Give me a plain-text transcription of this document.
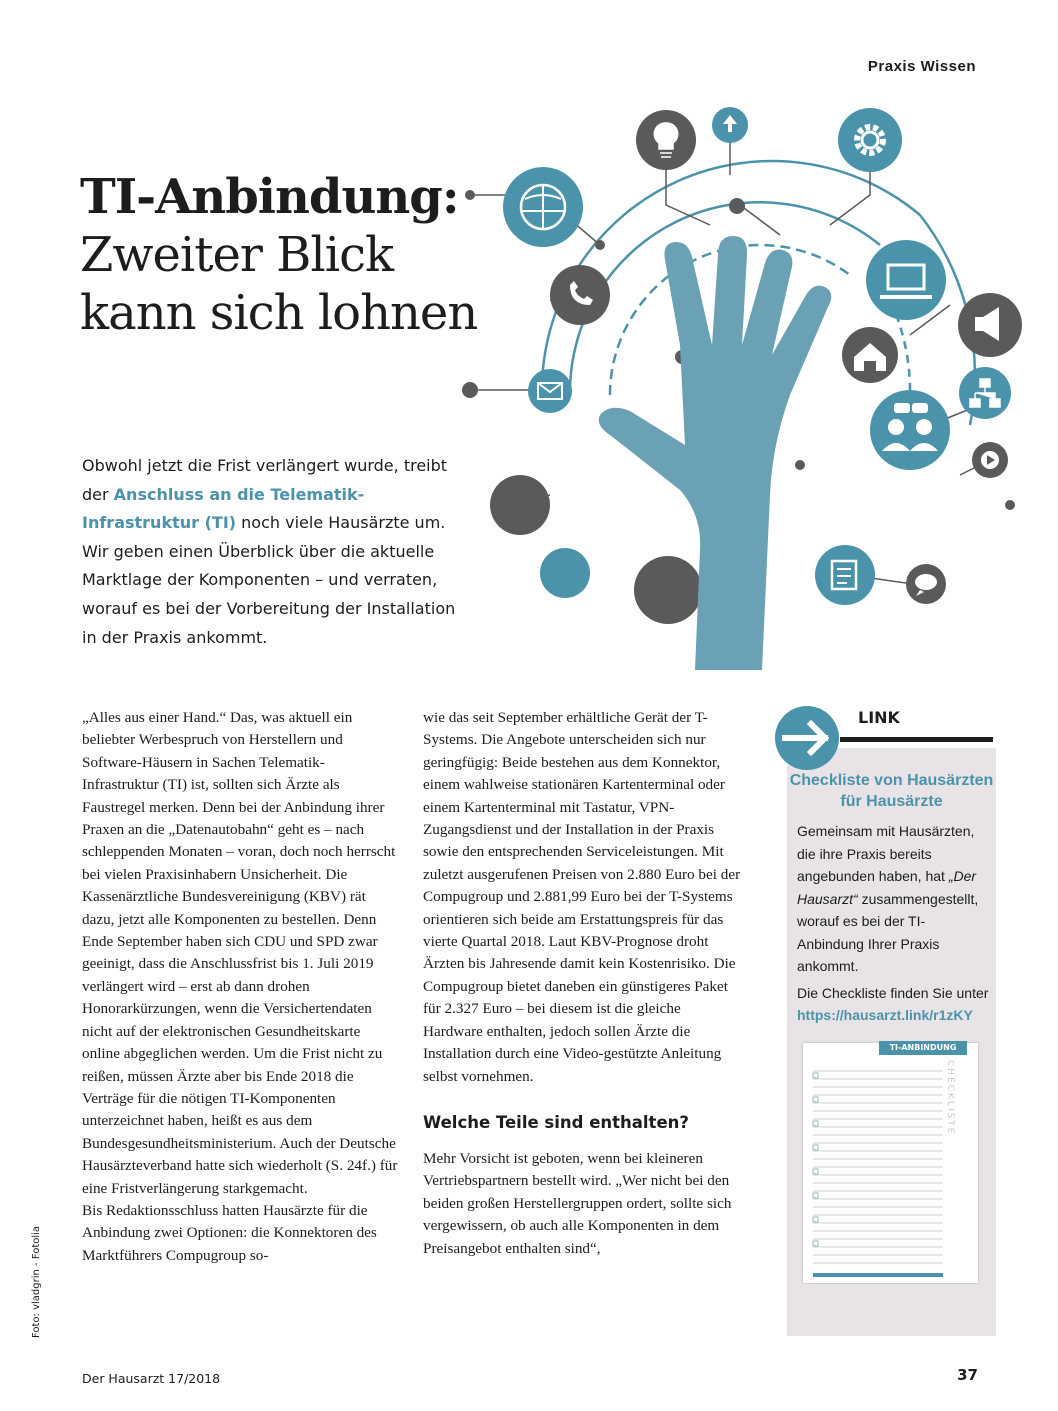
Praxis Wissen
TI-Anbindung:
Zweiter Blick
kann sich lohnen
Obwohl jetzt die Frist verlängert wurde, treibt der Anschluss an die Telematik-Infrastruktur (TI) noch viele Hausärzte um. Wir geben einen Überblick über die aktuelle Marktlage der Komponenten – und verraten, worauf es bei der Vorbereitung der Installation in der Praxis ankommt.

„Alles aus einer Hand.“ Das, was aktuell ein beliebter Werbespruch von Herstellern und Software-Häusern in Sachen Telematik-Infrastruktur (TI) ist, sollten sich Ärzte als Faustregel merken. Denn bei der Anbindung ihrer Praxen an die „Datenautobahn“ geht es – nach schleppenden Monaten – voran, doch noch herrscht bei vielen Praxisinhabern Unsicherheit. Die Kassenärztliche Bundesvereinigung (KBV) rät dazu, jetzt alle Komponenten zu bestellen. Denn Ende September haben sich CDU und SPD zwar geeinigt, dass die Anschlussfrist bis 1. Juli 2019 verlängert wird – erst ab dann drohen Honorarkürzungen, wenn die Versichertendaten nicht auf der elektronischen Gesundheitskarte online abgeglichen werden. Um die Frist nicht zu reißen, müssen Ärzte aber bis Ende 2018 die Verträge für die nötigen TI-Komponenten unterzeichnet haben, heißt es aus dem Bundesgesundheitsministerium. Auch der Deutsche Hausärzteverband hatte sich wiederholt (S. 24f.) für eine Fristverlängerung starkgemacht.

Bis Redaktionsschluss hatten Hausärzte für die Anbindung zwei Optionen: die Konnektoren des Marktführers Compugroup so-

wie das seit September erhältliche Gerät der T-Systems. Die Angebote unterscheiden sich nur geringfügig: Beide bestehen aus dem Konnektor, einem wahlweise stationären Kartenterminal oder einem Kartenterminal mit Tastatur, VPN-Zugangsdienst und der Installation in der Praxis sowie den entsprechenden Serviceleistungen. Mit zuletzt ausgerufenen Preisen von 2.880 Euro bei der Compugroup und 2.881,99 Euro bei der T-Systems orientieren sich beide am Erstattungspreis für das vierte Quartal 2018. Laut KBV-Prognose droht Ärzten bis Jahresende damit kein Kostenrisiko. Die Compugroup bietet daneben ein günstigeres Paket für 2.327 Euro – bei diesem ist die gleiche Hardware enthalten, jedoch sollen Ärzte die Installation durch eine Video-gestützte Anleitung selbst vornehmen.

Welche Teile sind enthalten?

Mehr Vorsicht ist geboten, wenn bei kleineren Vertriebspartnern bestellt wird. „Wer nicht bei den beiden großen Herstellergruppen ordert, sollte sich vergewissern, ob auch alle Komponenten in dem Preisangebot enthalten sind“,

LINK
Checkliste von Hausärzten für Hausärzte

Gemeinsam mit Hausärzten, die ihre Praxis bereits angebunden haben, hat „Der Hausarzt“ zusammengestellt, worauf es bei der TI-Anbindung Ihrer Praxis ankommt.

Die Checkliste finden Sie unter

https://hausarzt.link/r1zKY

TI-ANBINDUNG
CHECKLISTE
Foto: vladgrin - Fotolia
Der Hausarzt 17/2018	37
